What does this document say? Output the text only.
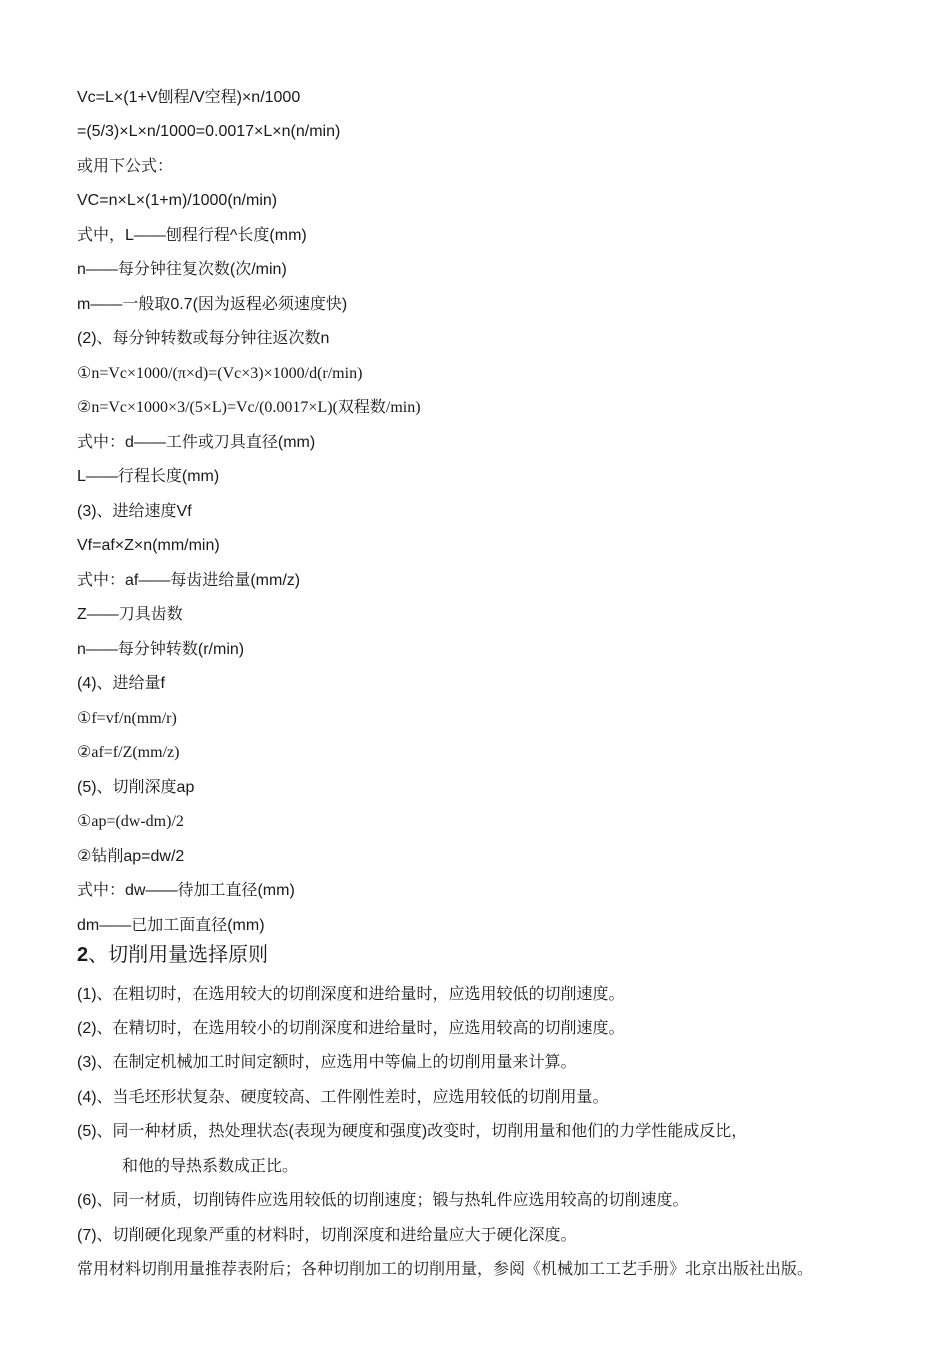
Vc=L×(1+V刨程/V空程)×n/1000
=(5/3)×L×n/1000=0.0017×L×n(n/min)
或用下公式：
VC=n×L×(1+m)/1000(n/min)
式中，L——刨程行程^长度(mm)
n——每分钟往复次数(次/min)
m——一般取0.7(因为返程必须速度快)
(2)、每分钟转数或每分钟往返次数n
①n=Vc×1000/(π×d)=(Vc×3)×1000/d(r/min)
②n=Vc×1000×3/(5×L)=Vc/(0.0017×L)(双程数/min)
式中：d——工件或刀具直径(mm)
L——行程长度(mm)
(3)、进给速度Vf
Vf=af×Z×n(mm/min)
式中：af——每齿进给量(mm/z)
Z——刀具齿数
n——每分钟转数(r/min)
(4)、进给量f
①f=vf/n(mm/r)
②af=f/Z(mm/z)
(5)、切削深度ap
①ap=(dw-dm)/2
②钻削ap=dw/2
式中：dw——待加工直径(mm)
dm——已加工面直径(mm)
2、切削用量选择原则
(1)、在粗切时，在选用较大的切削深度和进给量时，应选用较低的切削速度。
(2)、在精切时，在选用较小的切削深度和进给量时，应选用较高的切削速度。
(3)、在制定机械加工时间定额时，应选用中等偏上的切削用量来计算。
(4)、当毛坯形状复杂、硬度较高、工件刚性差时，应选用较低的切削用量。
(5)、同一种材质，热处理状态(表现为硬度和强度)改变时，切削用量和他们的力学性能成反比，
和他的导热系数成正比。
(6)、同一材质，切削铸件应选用较低的切削速度；锻与热轧件应选用较高的切削速度。
(7)、切削硬化现象严重的材料时，切削深度和进给量应大于硬化深度。
常用材料切削用量推荐表附后；各种切削加工的切削用量，参阅《机械加工工艺手册》北京出版社出版。
